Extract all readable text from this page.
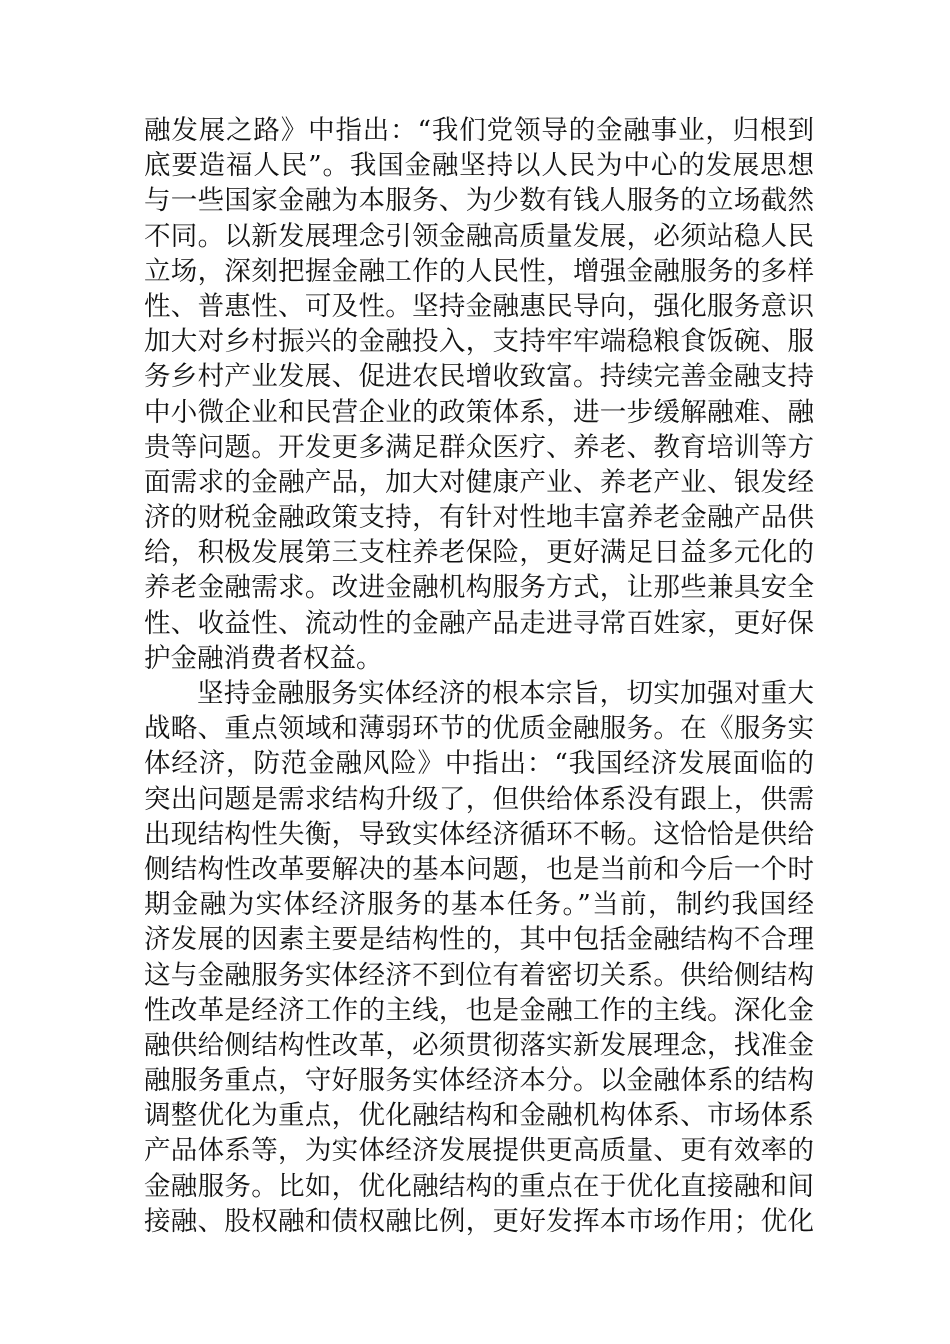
融发展之路》中指出：“我们党领导的金融事业，归根到
底要造福人民”。我国金融坚持以人民为中心的发展思想
与一些国家金融为本服务、为少数有钱人服务的立场截然
不同。以新发展理念引领金融高质量发展，必须站稳人民
立场，深刻把握金融工作的人民性，增强金融服务的多样
性、普惠性、可及性。坚持金融惠民导向，强化服务意识
加大对乡村振兴的金融投入，支持牢牢端稳粮食饭碗、服
务乡村产业发展、促进农民增收致富。持续完善金融支持
中小微企业和民营企业的政策体系，进一步缓解融难、融
贵等问题。开发更多满足群众医疗、养老、教育培训等方
面需求的金融产品，加大对健康产业、养老产业、银发经
济的财税金融政策支持，有针对性地丰富养老金融产品供
给，积极发展第三支柱养老保险，更好满足日益多元化的
养老金融需求。改进金融机构服务方式，让那些兼具安全
性、收益性、流动性的金融产品走进寻常百姓家，更好保
护金融消费者权益。
坚持金融服务实体经济的根本宗旨，切实加强对重大
战略、重点领域和薄弱环节的优质金融服务。在《服务实
体经济，防范金融风险》中指出：“我国经济发展面临的
突出问题是需求结构升级了，但供给体系没有跟上，供需
出现结构性失衡，导致实体经济循环不畅。这恰恰是供给
侧结构性改革要解决的基本问题，也是当前和今后一个时
期金融为实体经济服务的基本任务。”当前，制约我国经
济发展的因素主要是结构性的，其中包括金融结构不合理
这与金融服务实体经济不到位有着密切关系。供给侧结构
性改革是经济工作的主线，也是金融工作的主线。深化金
融供给侧结构性改革，必须贯彻落实新发展理念，找准金
融服务重点，守好服务实体经济本分。以金融体系的结构
调整优化为重点，优化融结构和金融机构体系、市场体系
产品体系等，为实体经济发展提供更高质量、更有效率的
金融服务。比如，优化融结构的重点在于优化直接融和间
接融、股权融和债权融比例，更好发挥本市场作用；优化
